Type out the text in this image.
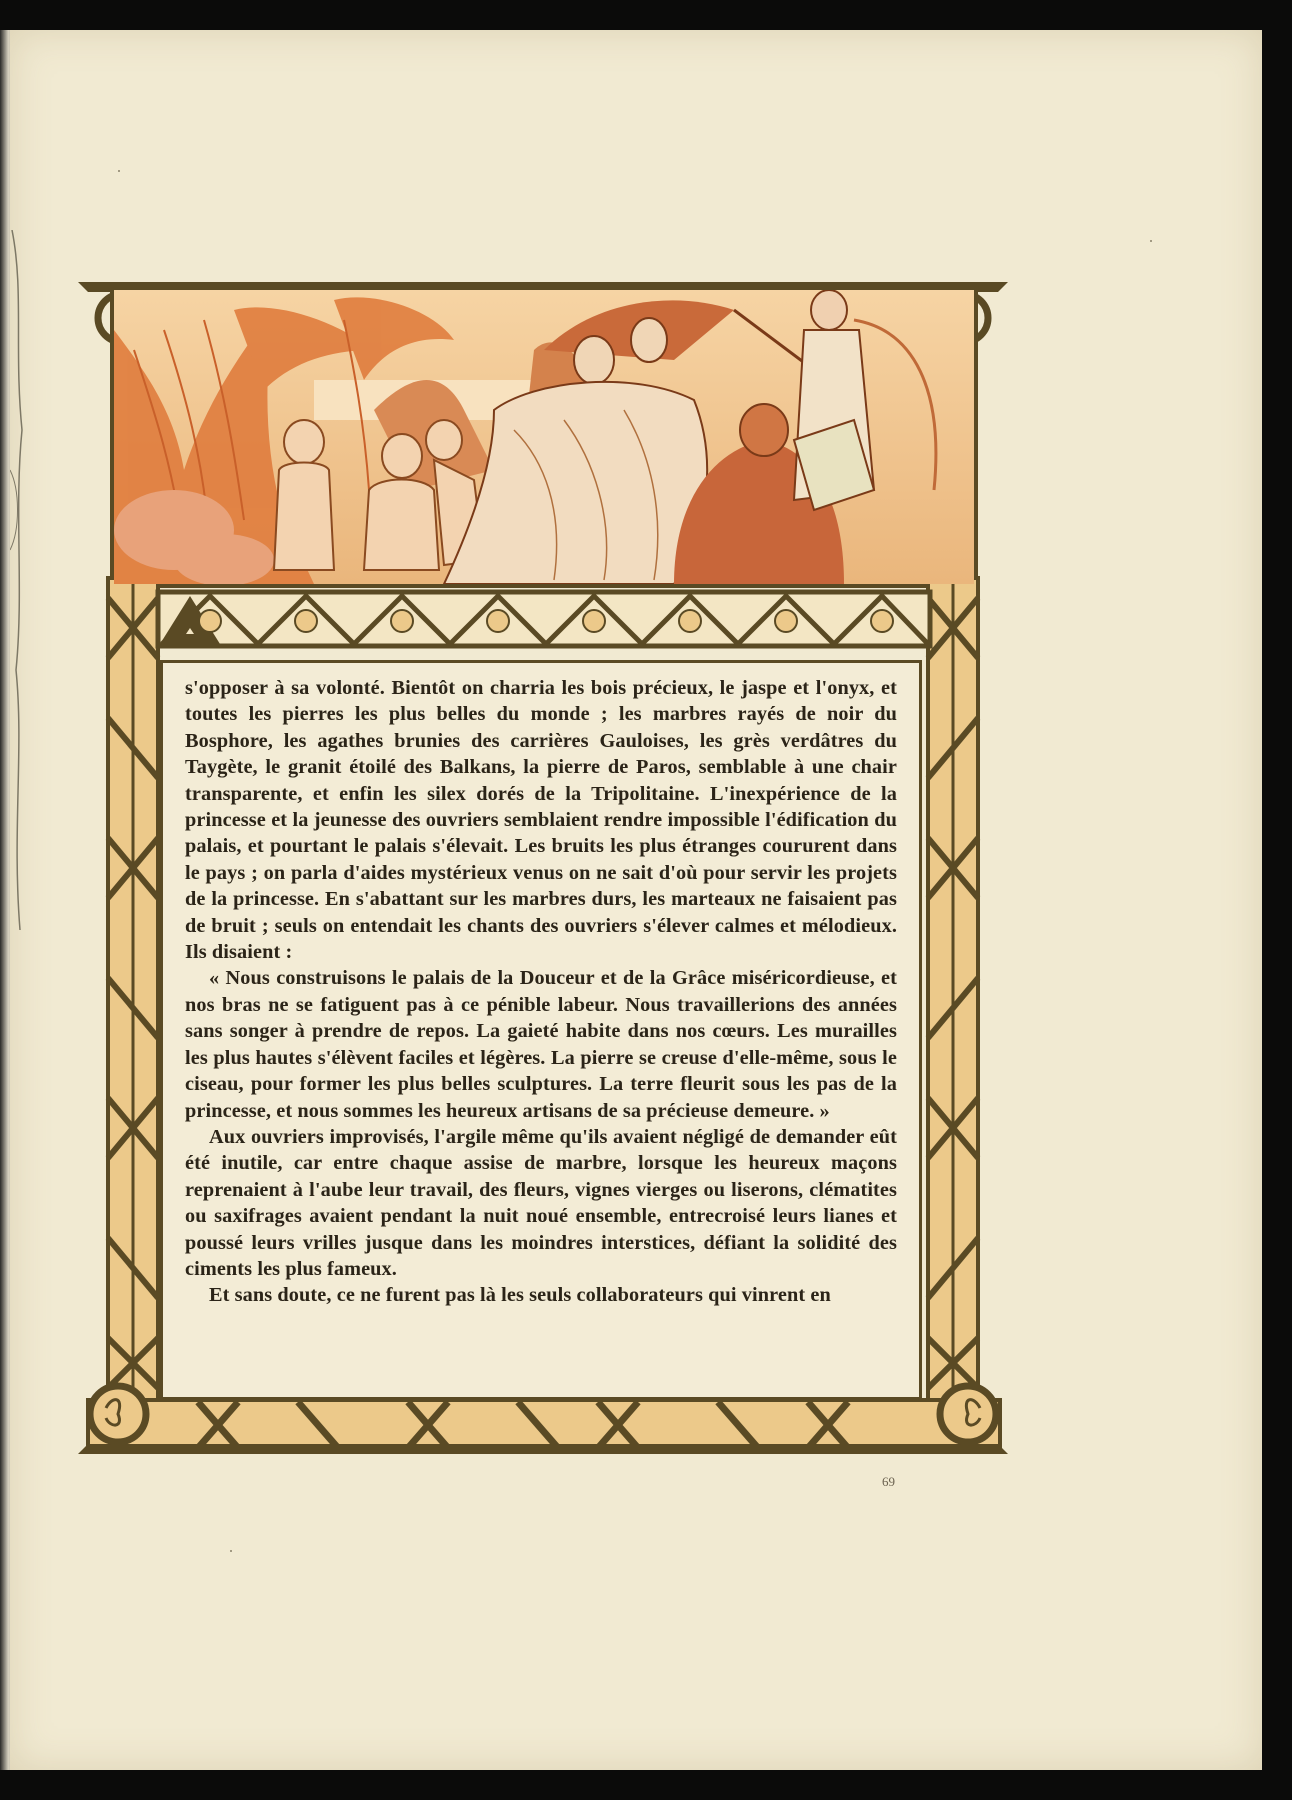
s'opposer à sa volonté. Bientôt on charria les bois précieux, le jaspe et l'onyx, et toutes les pierres les plus belles du monde ; les marbres rayés de noir du Bosphore, les agathes brunies des carrières Gauloises, les grès verdâtres du Taygète, le granit étoilé des Balkans, la pierre de Paros, semblable à une chair transparente, et enfin les silex dorés de la Tripolitaine. L'inexpérience de la princesse et la jeunesse des ouvriers semblaient rendre impossible l'édification du palais, et pourtant le palais s'élevait. Les bruits les plus étranges coururent dans le pays ; on parla d'aides mystérieux venus on ne sait d'où pour servir les projets de la princesse. En s'abattant sur les marbres durs, les marteaux ne faisaient pas de bruit ; seuls on entendait les chants des ouvriers s'élever calmes et mélodieux. Ils disaient :

« Nous construisons le palais de la Douceur et de la Grâce miséricordieuse, et nos bras ne se fatiguent pas à ce pénible labeur. Nous travaillerions des années sans songer à prendre de repos. La gaieté habite dans nos cœurs. Les murailles les plus hautes s'élèvent faciles et légères. La pierre se creuse d'elle-même, sous le ciseau, pour former les plus belles sculptures. La terre fleurit sous les pas de la princesse, et nous sommes les heureux artisans de sa précieuse demeure. »

Aux ouvriers improvisés, l'argile même qu'ils avaient négligé de demander eût été inutile, car entre chaque assise de marbre, lorsque les heureux maçons reprenaient à l'aube leur travail, des fleurs, vignes vierges ou liserons, clématites ou saxifrages avaient pendant la nuit noué ensemble, entrecroisé leurs lianes et poussé leurs vrilles jusque dans les moindres interstices, défiant la solidité des ciments les plus fameux.

Et sans doute, ce ne furent pas là les seuls collaborateurs qui vinrent en

69
